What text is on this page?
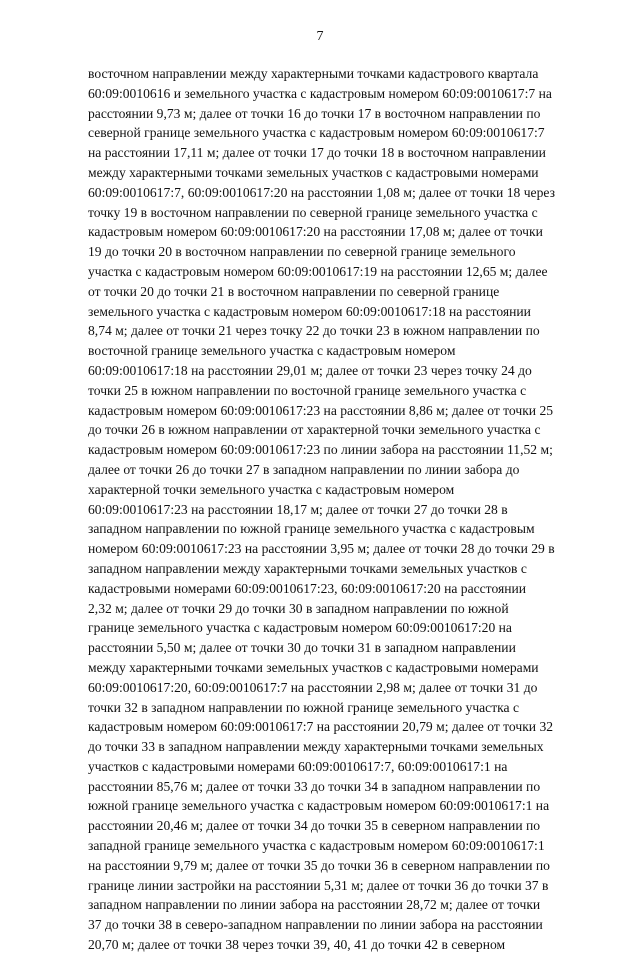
7

восточном направлении между характерными точками кадастрового квартала

60:09:0010616 и земельного участка с кадастровым номером 60:09:0010617:7 на

расстоянии 9,73 м; далее от точки 16 до точки 17 в восточном направлении по

северной границе земельного участка с кадастровым номером 60:09:0010617:7

на расстоянии 17,11 м; далее от точки 17 до точки 18 в восточном направлении

между характерными точками земельных участков с кадастровыми номерами

60:09:0010617:7, 60:09:0010617:20 на расстоянии 1,08 м; далее от точки 18 через

точку 19 в восточном направлении по северной границе земельного участка с

кадастровым номером 60:09:0010617:20 на расстоянии 17,08 м; далее от точки

19 до точки 20 в восточном направлении по северной границе земельного

участка с кадастровым номером 60:09:0010617:19 на расстоянии 12,65 м; далее

от точки 20 до точки 21 в восточном направлении по северной границе

земельного участка с кадастровым номером 60:09:0010617:18 на расстоянии

8,74 м; далее от точки 21 через точку 22 до точки 23 в южном направлении по

восточной границе земельного участка с кадастровым номером

60:09:0010617:18 на расстоянии 29,01 м; далее от точки 23 через точку 24 до

точки 25 в южном направлении по восточной границе земельного участка с

кадастровым номером 60:09:0010617:23 на расстоянии 8,86 м; далее от точки 25

до точки 26 в южном направлении от характерной точки земельного участка с

кадастровым номером 60:09:0010617:23 по линии забора на расстоянии 11,52 м;

далее от точки 26 до точки 27 в западном направлении по линии забора до

характерной точки земельного участка с кадастровым номером

60:09:0010617:23 на расстоянии 18,17 м; далее от точки 27 до точки 28 в

западном направлении по южной границе земельного участка с кадастровым

номером 60:09:0010617:23 на расстоянии 3,95 м; далее от точки 28 до точки 29 в

западном направлении между характерными точками земельных участков с

кадастровыми номерами 60:09:0010617:23, 60:09:0010617:20 на расстоянии

2,32 м; далее от точки 29 до точки 30 в западном направлении по южной

границе земельного участка с кадастровым номером 60:09:0010617:20 на

расстоянии 5,50 м; далее от точки 30 до точки 31 в западном направлении

между характерными точками земельных участков с кадастровыми номерами

60:09:0010617:20, 60:09:0010617:7 на расстоянии 2,98 м; далее от точки 31 до

точки 32 в западном направлении по южной границе земельного участка с

кадастровым номером 60:09:0010617:7 на расстоянии 20,79 м; далее от точки 32

до точки 33 в западном направлении между характерными точками земельных

участков с кадастровыми номерами 60:09:0010617:7, 60:09:0010617:1 на

расстоянии 85,76 м; далее от точки 33 до точки 34 в западном направлении по

южной границе земельного участка с кадастровым номером 60:09:0010617:1 на

расстоянии 20,46 м; далее от точки 34 до точки 35 в северном направлении по

западной границе земельного участка с кадастровым номером 60:09:0010617:1

на расстоянии 9,79 м; далее от точки 35 до точки 36 в северном направлении по

границе линии застройки на расстоянии 5,31 м; далее от точки 36 до точки 37 в

западном направлении по линии забора на расстоянии 28,72 м; далее от точки

37 до точки 38 в северо-западном направлении по линии забора на расстоянии

20,70 м; далее от точки 38 через точки 39, 40, 41 до точки 42 в северном
